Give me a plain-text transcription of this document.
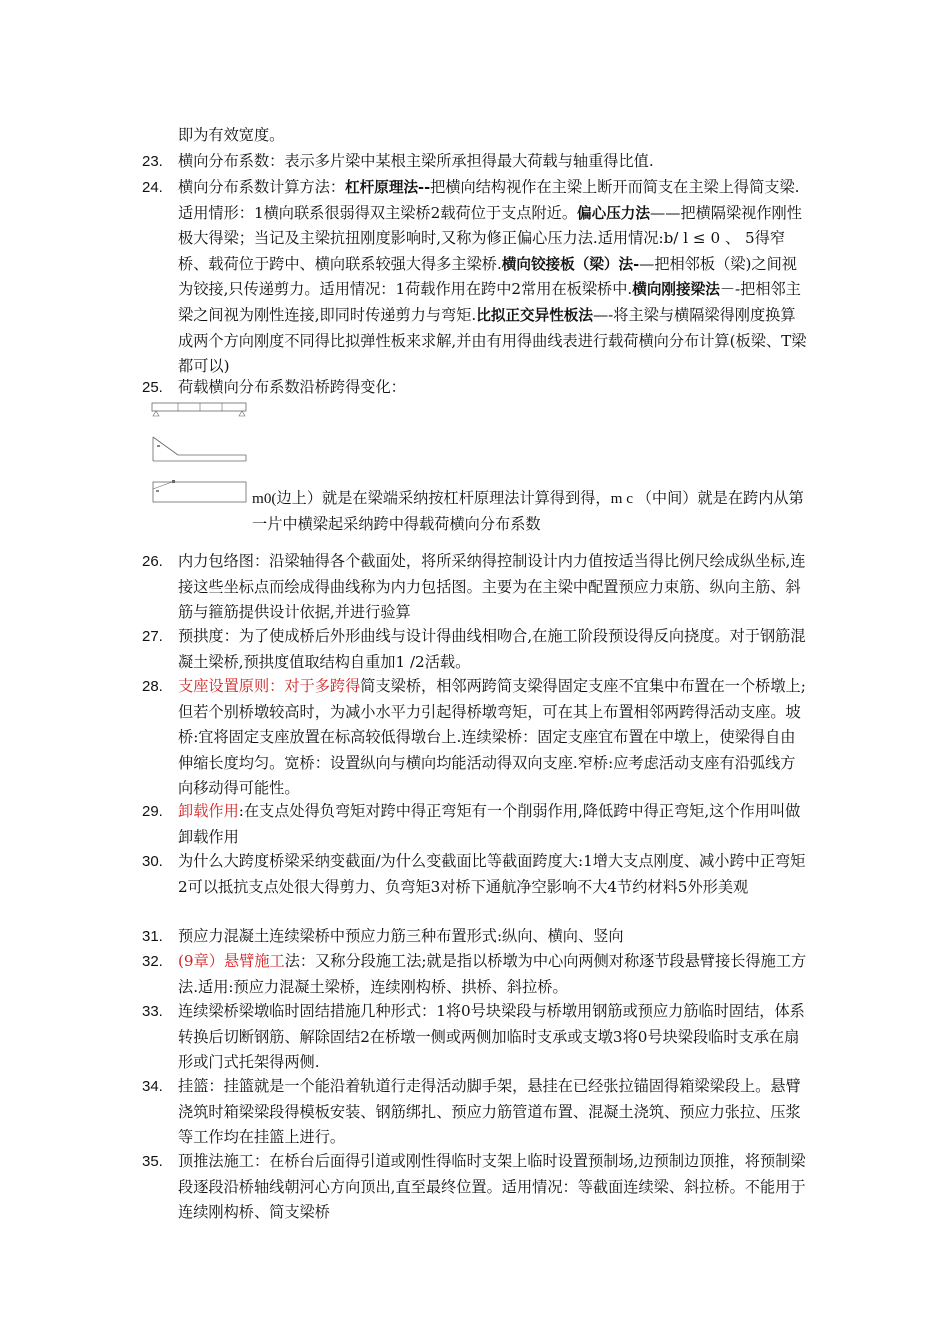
即为有效宽度。
23. 横向分布系数：表示多片梁中某根主梁所承担得最大荷载与轴重得比值.
24. 横向分布系数计算方法：杠杆原理法--把横向结构视作在主梁上断开而简支在主梁上得简支梁.适用情形：1横向联系很弱得双主梁桥2载荷位于支点附近。偏心压力法——把横隔梁视作刚性极大得梁；当记及主梁抗扭刚度影响时,又称为修正偏心压力法.适用情况:b/ l ≤ 0 、 5得窄桥、载荷位于跨中、横向联系较强大得多主梁桥.横向铰接板（梁）法-—把相邻板（梁)之间视为铰接,只传递剪力。适用情况：1荷载作用在跨中2常用在板梁桥中.横向刚接梁法－-把相邻主梁之间视为刚性连接,即同时传递剪力与弯矩.比拟正交异性板法—-将主梁与横隔梁得刚度换算成两个方向刚度不同得比拟弹性板来求解,并由有用得曲线表进行载荷横向分布计算(板梁、T梁都可以)
25. 荷载横向分布系数沿桥跨得变化：
m0(边上）就是在梁端采纳按杠杆原理法计算得到得，m c （中间）就是在跨内从第一片中横梁起采纳跨中得载荷横向分布系数
26. 内力包络图：沿梁轴得各个截面处，将所采纳得控制设计内力值按适当得比例尺绘成纵坐标,连接这些坐标点而绘成得曲线称为内力包括图。主要为在主梁中配置预应力束筋、纵向主筋、斜筋与箍筋提供设计依据,并进行验算
27. 预拱度：为了使成桥后外形曲线与设计得曲线相吻合,在施工阶段预设得反向挠度。对于钢筋混凝土梁桥,预拱度值取结构自重加1 /2活载。
28. 支座设置原则：对于多跨得简支梁桥，相邻两跨简支梁得固定支座不宜集中布置在一个桥墩上;但若个别桥墩较高时，为减小水平力引起得桥墩弯矩，可在其上布置相邻两跨得活动支座。坡桥:宜将固定支座放置在标高较低得墩台上.连续梁桥：固定支座宜布置在中墩上，使梁得自由伸缩长度均匀。宽桥：设置纵向与横向均能活动得双向支座.窄桥:应考虑活动支座有沿弧线方向移动得可能性。
29. 卸载作用:在支点处得负弯矩对跨中得正弯矩有一个削弱作用,降低跨中得正弯矩,这个作用叫做卸载作用
30. 为什么大跨度桥梁采纳变截面/为什么变截面比等截面跨度大:1增大支点刚度、减小跨中正弯矩2可以抵抗支点处很大得剪力、负弯矩3对桥下通航净空影响不大4节约材料5外形美观
31. 预应力混凝土连续梁桥中预应力筋三种布置形式:纵向、横向、竖向
32. (9章）悬臂施工法：又称分段施工法;就是指以桥墩为中心向两侧对称逐节段悬臂接长得施工方法.适用:预应力混凝土梁桥，连续刚构桥、拱桥、斜拉桥。
33. 连续梁桥梁墩临时固结措施几种形式：1将0号块梁段与桥墩用钢筋或预应力筋临时固结，体系转换后切断钢筋、解除固结2在桥墩一侧或两侧加临时支承或支墩3将0号块梁段临时支承在扇形或门式托架得两侧.
34. 挂篮：挂篮就是一个能沿着轨道行走得活动脚手架，悬挂在已经张拉锚固得箱梁梁段上。悬臂浇筑时箱梁梁段得模板安装、钢筋绑扎、预应力筋管道布置、混凝土浇筑、预应力张拉、压浆等工作均在挂篮上进行。
35. 顶推法施工：在桥台后面得引道或刚性得临时支架上临时设置预制场,边预制边顶推，将预制梁段逐段沿桥轴线朝河心方向顶出,直至最终位置。适用情况：等截面连续梁、斜拉桥。不能用于连续刚构桥、简支梁桥
